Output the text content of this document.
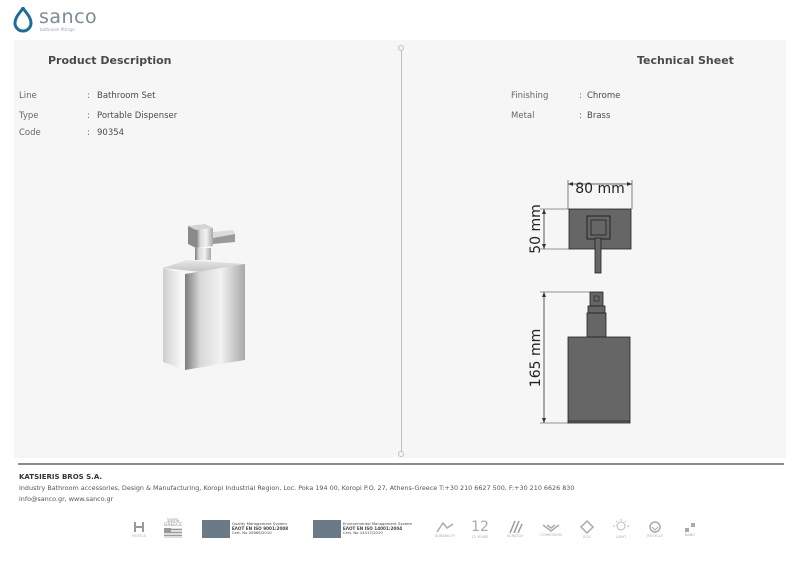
sanco
bathroom fittings
Product Description	Technical Sheet
Line	: Bathroom Set
Type	: Portable Dispenser
Code	: 90354
Finishing	: Chrome
Metal	: Brass
80 mm
50 mm
165 mm
KATSIERIS BROS S.A.
Industry Bathroom accessories, Design & Manufacturing, Koropi Industrial Region, Loc. Poka 194 00, Koropi P.O. 27, Athens-Greece T:+30 210 6627 500, F:+30 210 6626 830
info@sanco.gr, www.sanco.gr
HOTELS
100% GREECE	Quality Management System
ΕΛΟΤ EN ISO 9001:2008
Cert. No 00866/2010
Environmental Management System
ΕΛΟΤ EN ISO 14001:2004
Cert. No 14417/2010
DURABILITY
12
12 YEARS	SCRATCH	CORROSION	ECO	LIGHT	RECYCLE	NANO
